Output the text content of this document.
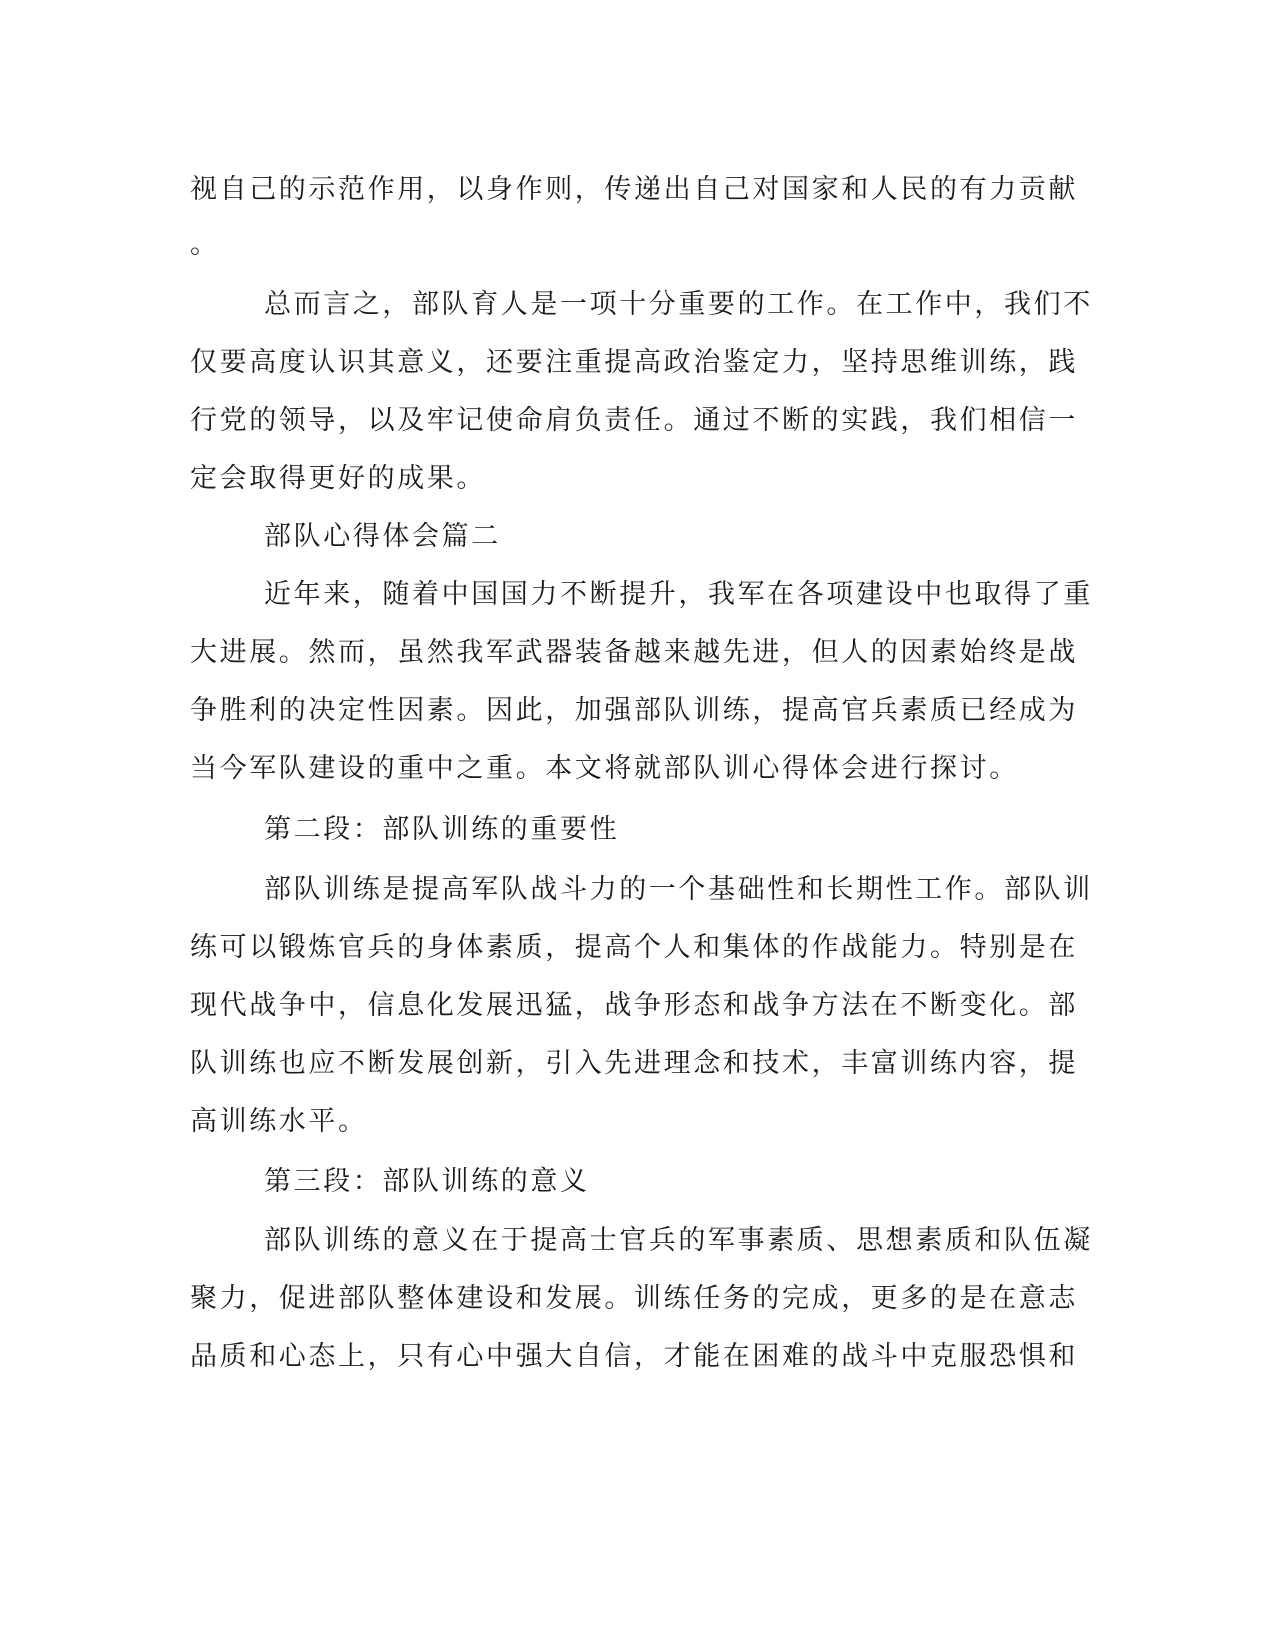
视自己的示范作用，以身作则，传递出自己对国家和人民的有力贡献
。
总而言之，部队育人是一项十分重要的工作。在工作中，我们不
仅要高度认识其意义，还要注重提高政治鉴定力，坚持思维训练，践
行党的领导，以及牢记使命肩负责任。通过不断的实践，我们相信一
定会取得更好的成果。
部队心得体会篇二
近年来，随着中国国力不断提升，我军在各项建设中也取得了重
大进展。然而，虽然我军武器装备越来越先进，但人的因素始终是战
争胜利的决定性因素。因此，加强部队训练，提高官兵素质已经成为
当今军队建设的重中之重。本文将就部队训心得体会进行探讨。
第二段：部队训练的重要性
部队训练是提高军队战斗力的一个基础性和长期性工作。部队训
练可以锻炼官兵的身体素质，提高个人和集体的作战能力。特别是在
现代战争中，信息化发展迅猛，战争形态和战争方法在不断变化。部
队训练也应不断发展创新，引入先进理念和技术，丰富训练内容，提
高训练水平。
第三段：部队训练的意义
部队训练的意义在于提高士官兵的军事素质、思想素质和队伍凝
聚力，促进部队整体建设和发展。训练任务的完成，更多的是在意志
品质和心态上，只有心中强大自信，才能在困难的战斗中克服恐惧和
